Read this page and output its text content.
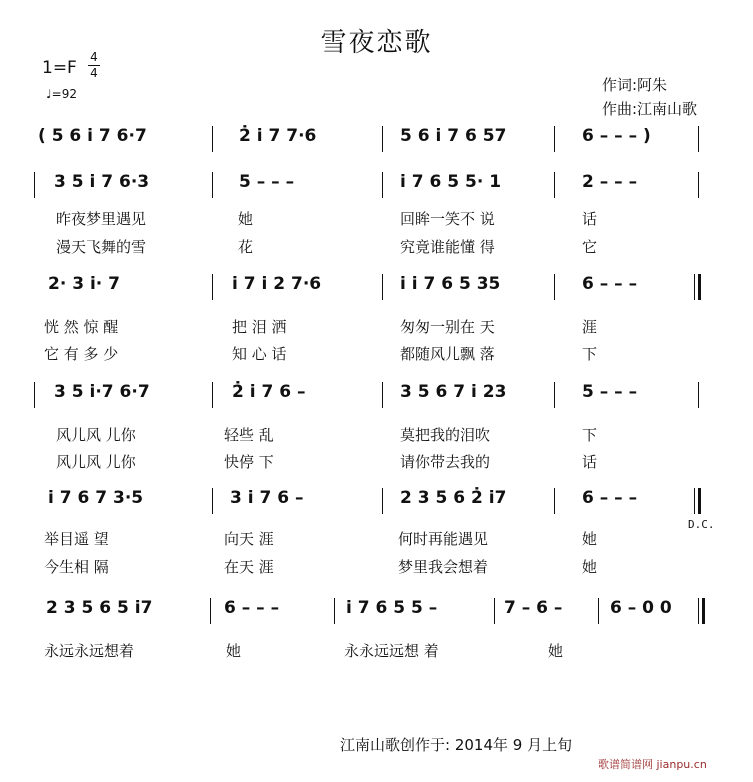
雪夜恋歌
1=F
4
4
♩=92	作词:阿朱
作曲:江南山歌
( 5 6 i 7 6·7	2̇ i 7 7·6	5 6 i 7 6 57	6 – – – )
3 5 i 7 6·3	5 – – –	i 7 6 5 5· 1	2 – – –
昨夜梦里遇见	她	回眸一笑不 说	话
漫天飞舞的雪	花	究竟谁能懂 得	它
2· 3 i· 7	i 7 i 2 7·6	i i 7 6 5 35	6 – – –
恍 然 惊 醒	把 泪 洒	匆匆一别在 天	涯
它 有 多 少	知 心 话	都随风儿飘 落	下
3 5 i·7 6·7	2̇ i 7 6 –	3 5 6 7 i 23	5 – – –
风儿风 儿你	轻些 乱	莫把我的泪吹	下
风儿风 儿你	快停 下	请你带去我的	话
i 7 6 7 3·5	3 i 7 6 –	2 3 5 6 2̇ i7	6 – – –
D.C.
举目遥 望	向天 涯	何时再能遇见	她
今生相 隔	在天 涯	梦里我会想着	她
2 3 5 6 5 i7	6 – – –	i 7 6 5 5 –	7 – 6 –	6 – 0 0
永远永远想着	她	永永远远想 着	她
江南山歌创作于: 2014年 9 月上旬
歌谱简谱网 jianpu.cn
